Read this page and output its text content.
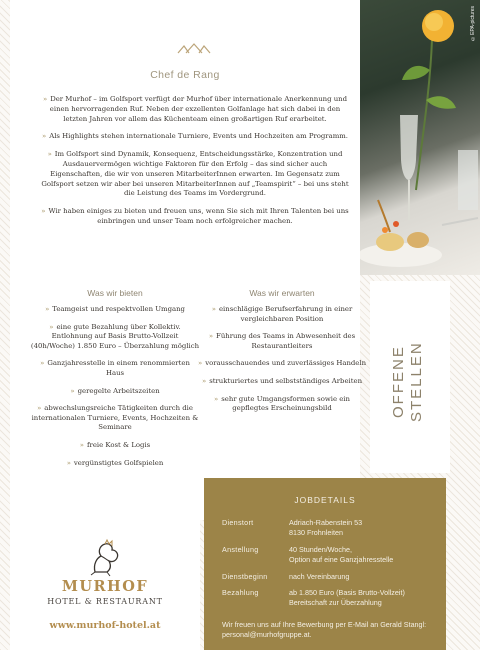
©EPA-pictures
Chef de Rang

» Der Murhof – im Golfsport verfügt der Murhof über internationale Anerkennung und einen hervorragenden Ruf. Neben der exzellenten Golfanlage hat sich dabei in den letzten Jahren vor allem das Küchenteam einen großartigen Ruf erarbeitet.

» Als Highlights stehen internationale Turniere, Events und Hochzeiten am Programm.

» Im Golfsport sind Dynamik, Konsequenz, Entscheidungsstärke, Konzentration und Ausdauervermögen wichtige Faktoren für den Erfolg – das sind sicher auch Eigenschaften, die wir von unseren MitarbeiterInnen erwarten. Im Gegensatz zum Golfsport setzen wir aber bei unseren MitarbeiterInnen auf „Teamspirit“ – bei uns steht die Leistung des Teams im Vordergrund.

» Wir haben einiges zu bieten und freuen uns, wenn Sie sich mit Ihren Talenten bei uns einbringen und unser Team noch erfolgreicher machen.

Was wir bieten	Was wir erwarten
» Teamgeist und respektvollen Umgang
» eine gute Bezahlung über Kollektiv. Entlohnung auf Basis Brutto-Vollzeit (40h/Woche) 1.850 Euro – Überzahlung möglich
» Ganzjahresstelle in einem renommierten Haus
» geregelte Arbeitszeiten
» abwechslungsreiche Tätigkeiten durch die internationalen Turniere, Events, Hochzeiten & Seminare
» freie Kost & Logis
» vergünstigtes Golfspielen
» einschlägige Berufserfahrung in einer vergleichbaren Position
» Führung des Teams in Abwesenheit des Restaurantleiters
» vorausschauendes und zuverlässiges Handeln
» strukturiertes und selbstständiges Arbeiten
» sehr gute Umgangsformen sowie ein gepflegtes Erscheinungsbild	OFFENE STELLEN
MURHOF
HOTEL & RESTAURANT
www.murhof-hotel.at
JOBDETAILS
Dienstort	Adriach-Rabenstein 53
8130 Frohnleiten
Anstellung	40 Stunden/Woche,
Option auf eine Ganzjahresstelle
Dienstbeginn	nach Vereinbarung
Bezahlung	ab 1.850 Euro (Basis Brutto-Vollzeit)
Bereitschaft zur Überzahlung
Wir freuen uns auf Ihre Bewerbung per E-Mail an Gerald Stangl: personal@murhofgruppe.at.
